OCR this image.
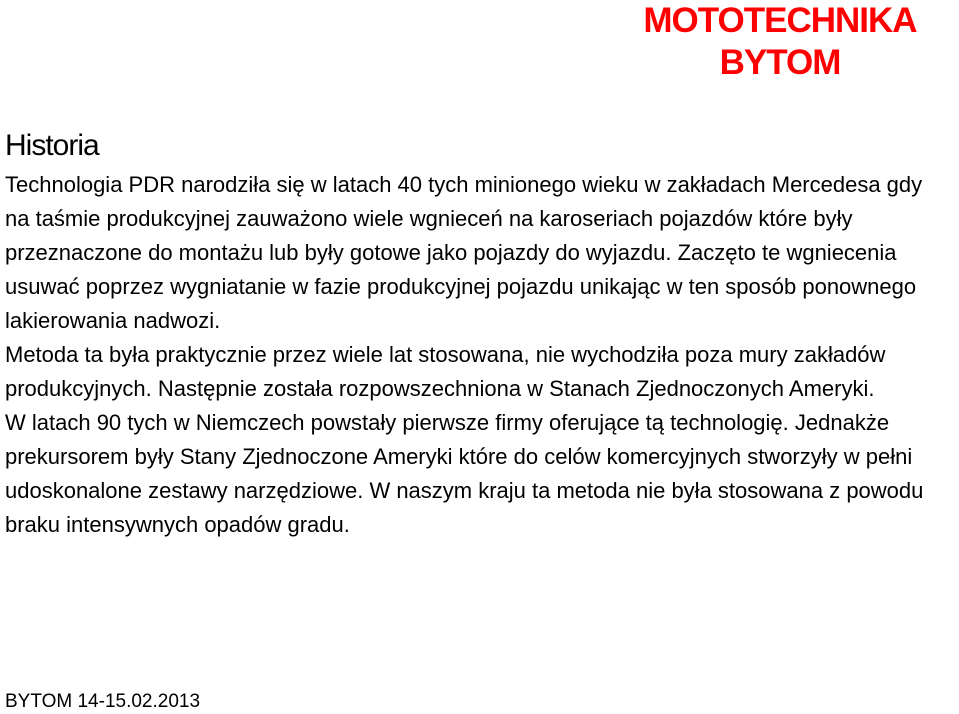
MOTOTECHNIKA
BYTOM
Historia

Technologia PDR narodziła się w latach 40 tych minionego wieku w zakładach Mercedesa gdy na taśmie produkcyjnej zauważono wiele wgnieceń na karoseriach pojazdów które były przeznaczone do montażu lub były gotowe jako pojazdy do wyjazdu. Zaczęto te wgniecenia usuwać poprzez wygniatanie w fazie produkcyjnej pojazdu unikając w ten sposób ponownego lakierowania nadwozi.

Metoda ta była praktycznie przez wiele lat stosowana, nie wychodziła poza mury zakładów produkcyjnych. Następnie została rozpowszechniona w Stanach Zjednoczonych Ameryki.

W latach 90 tych w Niemczech powstały pierwsze firmy oferujące tą technologię. Jednakże prekursorem były Stany Zjednoczone Ameryki które do celów komercyjnych stworzyły w pełni udoskonalone zestawy narzędziowe. W naszym kraju ta metoda nie była stosowana z powodu braku intensywnych opadów gradu.

BYTOM 14-15.02.2013
